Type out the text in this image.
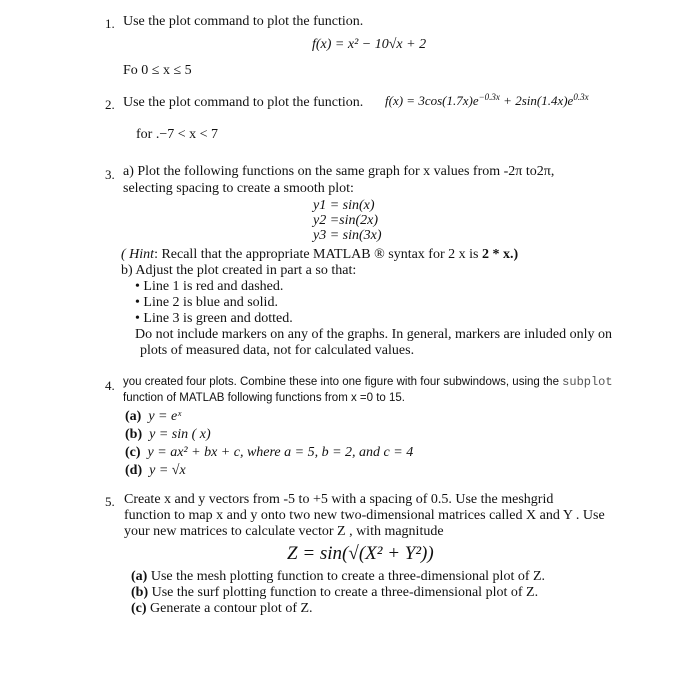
1. Use the plot command to plot the function.
f(x) = x² − 10√x + 2
Fo 0 ≤ x ≤ 5
2. Use the plot command to plot the function. $f(x) = 3\cos(1.7x)e^{-0.3x} + 2\sin(1.4x)e^{0.3x}$
for .−7 < x < 7
3. a) Plot the following functions on the same graph for x values from -2π to2π,
selecting spacing to create a smooth plot:
y1 = sin(x)
y2 =sin(2x)
y3 = sin(3x)
( Hint: Recall that the appropriate MATLAB ® syntax for 2 x is 2 * x.)
b) Adjust the plot created in part a so that:
• Line 1 is red and dashed.
• Line 2 is blue and solid.
• Line 3 is green and dotted.
Do not include markers on any of the graphs. In general, markers are inluded only on
plots of measured data, not for calculated values.
4. you created four plots. Combine these into one figure with four subwindows, using the subplot
function of MATLAB following functions from x =0 to 15.
(a) y = eˣ
(b) y = sin ( x)
(c) y = ax² + bx + c, where a = 5, b = 2, and c = 4
(d) y = √x
5. Create x and y vectors from -5 to +5 with a spacing of 0.5. Use the meshgrid
function to map x and y onto two new two-dimensional matrices called X and Y . Use
your new matrices to calculate vector Z , with magnitude
Z = sin(√(X² + Y²))
(a) Use the mesh plotting function to create a three-dimensional plot of Z.
(b) Use the surf plotting function to create a three-dimensional plot of Z.
(c) Generate a contour plot of Z.
